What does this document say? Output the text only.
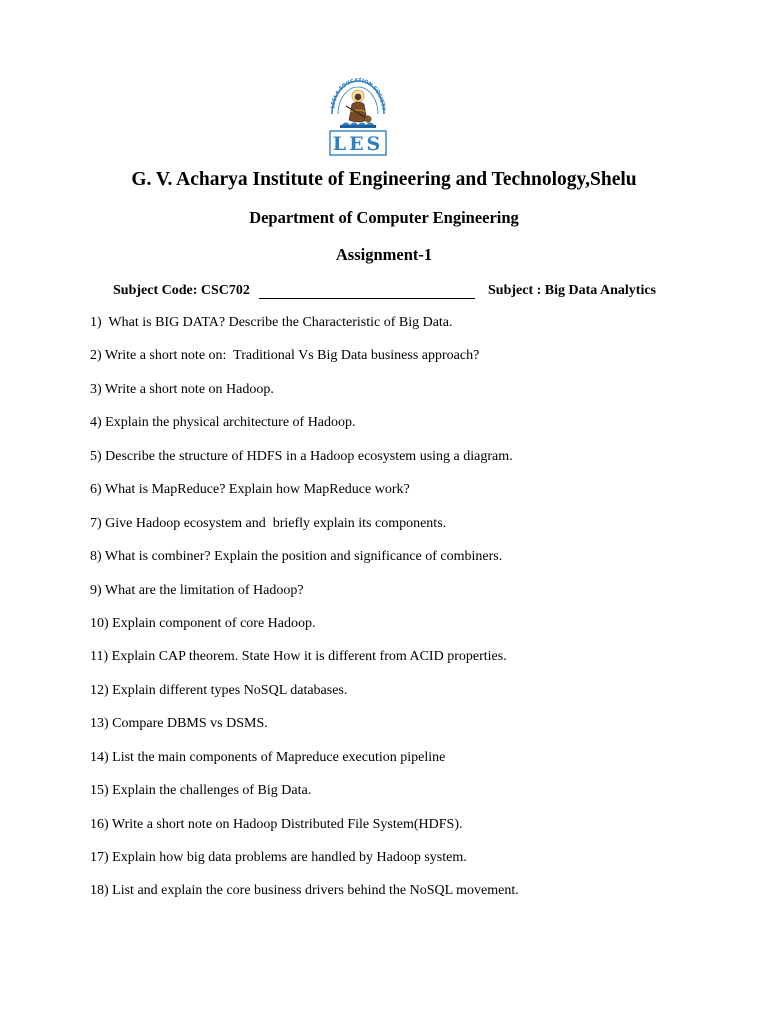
LEELA EDUCATION SOCIETY
LES
G. V. Acharya Institute of Engineering and Technology,Shelu
Department of Computer Engineering
Assignment-1
Subject Code: CSC702	Subject : Big Data Analytics
1)  What is BIG DATA? Describe the Characteristic of Big Data.
2) Write a short note on:  Traditional Vs Big Data business approach?
3) Write a short note on Hadoop.
4) Explain the physical architecture of Hadoop.
5) Describe the structure of HDFS in a Hadoop ecosystem using a diagram.
6) What is MapReduce? Explain how MapReduce work?
7) Give Hadoop ecosystem and  briefly explain its components.
8) What is combiner? Explain the position and significance of combiners.
9) What are the limitation of Hadoop?
10) Explain component of core Hadoop.
11) Explain CAP theorem. State How it is different from ACID properties.
12) Explain different types NoSQL databases.
13) Compare DBMS vs DSMS.
14) List the main components of Mapreduce execution pipeline
15) Explain the challenges of Big Data.
16) Write a short note on Hadoop Distributed File System(HDFS).
17) Explain how big data problems are handled by Hadoop system.
18) List and explain the core business drivers behind the NoSQL movement.
